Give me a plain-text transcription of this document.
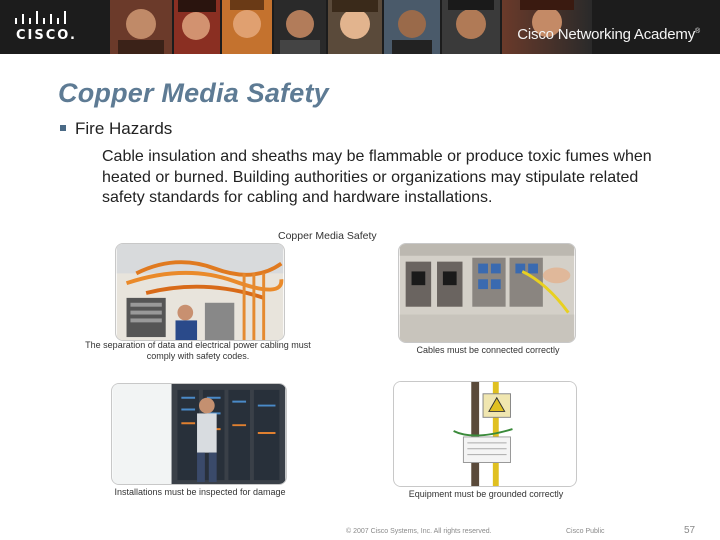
CISCO.	Cisco Networking Academy®
Copper Media Safety
Fire Hazards
Cable insulation and sheaths may be flammable or produce toxic fumes when heated or burned. Building authorities or organizations may stipulate related safety standards for cabling and hardware installations.
Copper Media Safety
The separation of data and electrical power cabling must comply with safety codes.
Cables must be connected correctly
Installations must be inspected for damage	Equipment must be grounded correctly
© 2007 Cisco Systems, Inc. All rights reserved.	Cisco Public	57
